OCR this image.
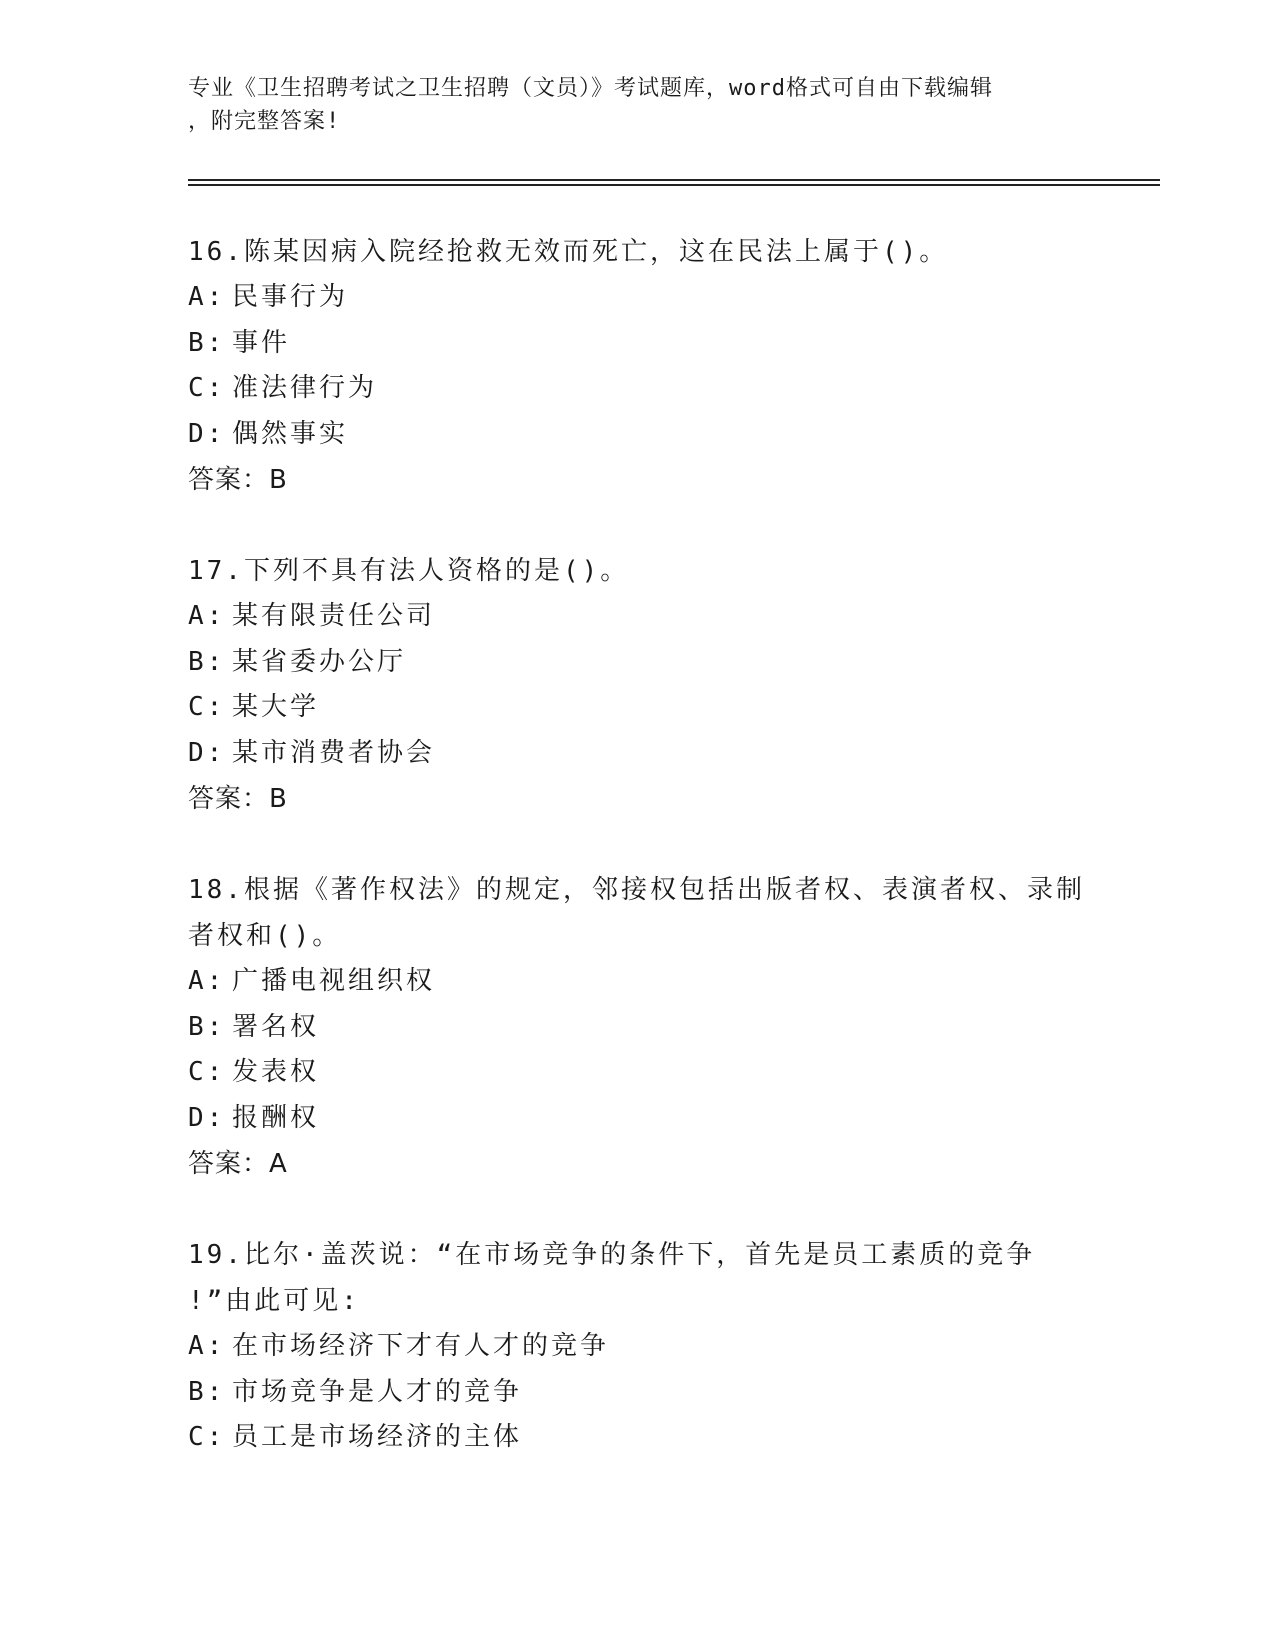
专业《卫生招聘考试之卫生招聘（文员）》考试题库，word格式可自由下载编辑
，附完整答案!
16. 陈某因病入院经抢救无效而死亡，这在民法上属于()。
A: 民事行为
B: 事件
C: 准法律行为
D: 偶然事实
答案：B
17. 下列不具有法人资格的是()。
A: 某有限责任公司
B: 某省委办公厅
C: 某大学
D: 某市消费者协会
答案：B
18. 根据《著作权法》的规定，邻接权包括出版者权、表演者权、录制
者权和()。
A: 广播电视组织权
B: 署名权
C: 发表权
D: 报酬权
答案：A
19. 比尔·盖茨说：“在市场竞争的条件下，首先是员工素质的竞争
!”由此可见:
A: 在市场经济下才有人才的竞争
B: 市场竞争是人才的竞争
C: 员工是市场经济的主体
